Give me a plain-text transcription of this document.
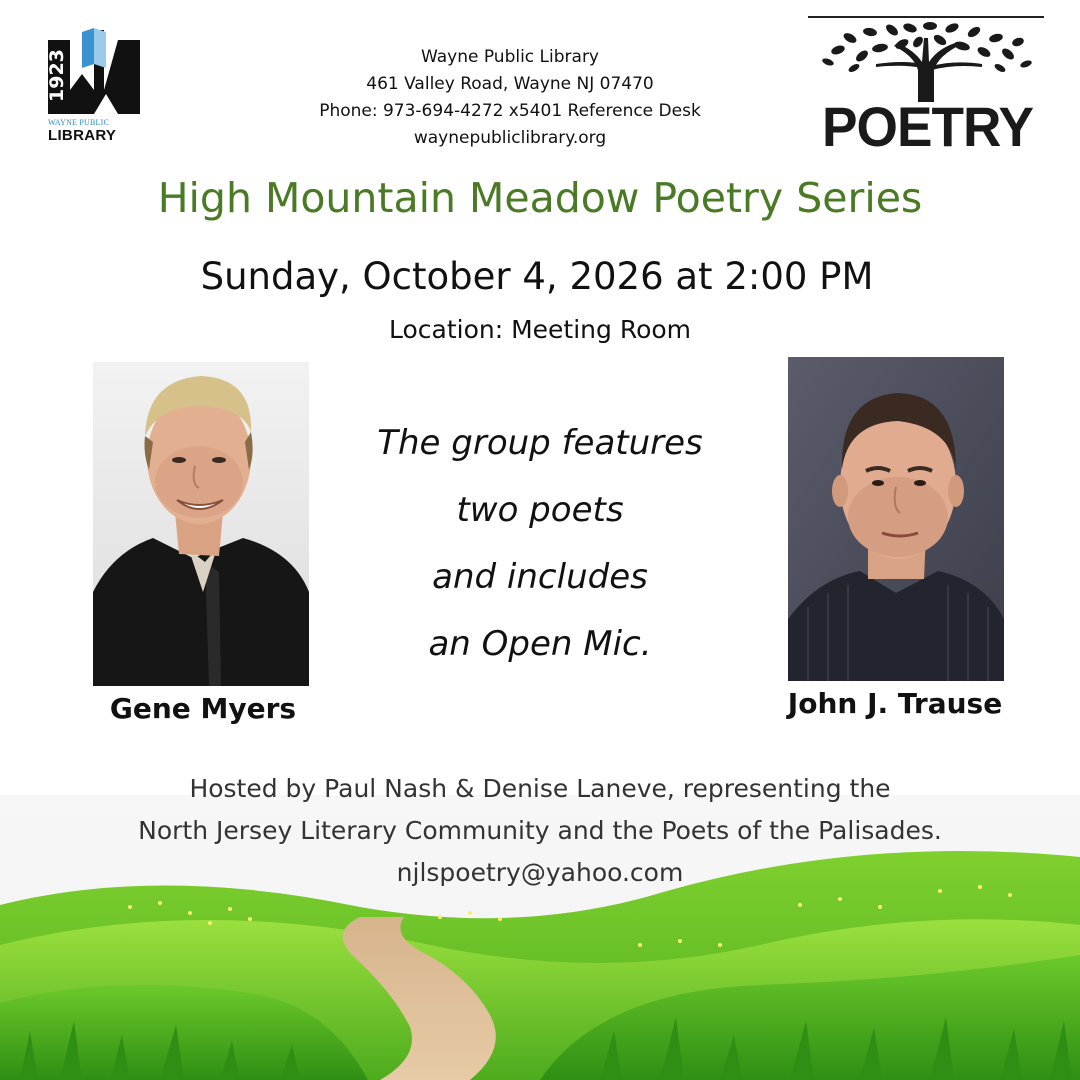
1923
WAYNE PUBLIC
LIBRARY
Wayne Public Library
461 Valley Road, Wayne NJ 07470
Phone: 973-694-4272 x5401 Reference Desk
waynepubliclibrary.org	POETRY
High Mountain Meadow Poetry Series
Sunday, October 4, 2026 at 2:00 PM
Location: Meeting Room
Gene Myers	John J. Trause
The group features
two poets
and includes
an Open Mic.
Hosted by Paul Nash & Denise Laneve, representing the
North Jersey Literary Community and the Poets of the Palisades.
njlspoetry@yahoo.com
